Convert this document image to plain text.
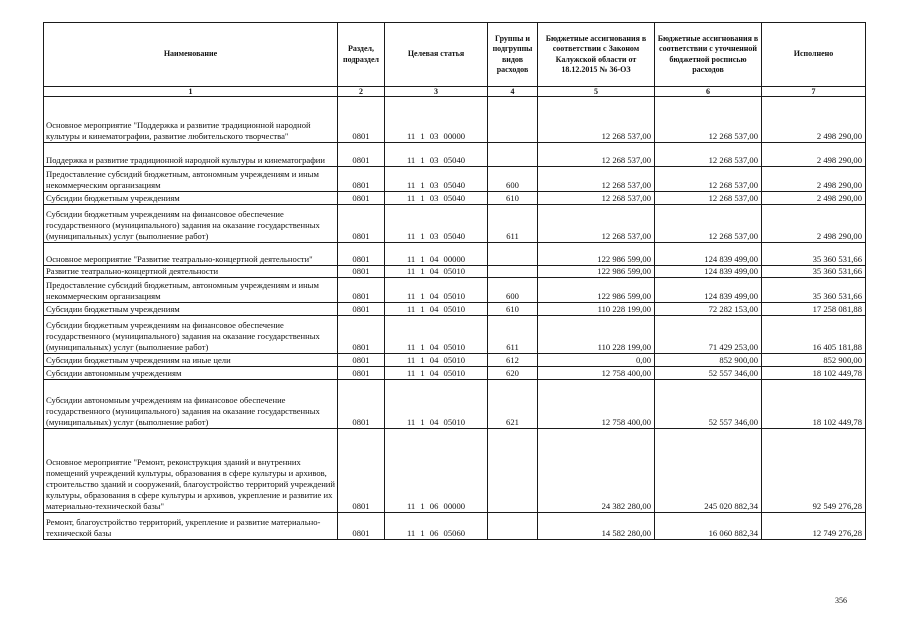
Наименование	Раздел, подраздел	Целевая статья	Группы и подгруппы видов расходов	Бюджетные ассигнования в соответствии с Законом Калужской области от 18.12.2015 № 36-ОЗ	Бюджетные ассигнования в соответствии с уточненной бюджетной росписью расходов	Исполнено
1	2	3	4	5	6	7
Основное мероприятие "Поддержка и развитие традиционной народной культуры и кинематографии, развитие любительского творчества"	0801	11 1 03 00000		12 268 537,00	12 268 537,00	2 498 290,00
Поддержка и развитие традиционной народной культуры и кинематографии	0801	11 1 03 05040		12 268 537,00	12 268 537,00	2 498 290,00
Предоставление субсидий бюджетным, автономным учреждениям и иным некоммерческим организациям	0801	11 1 03 05040	600	12 268 537,00	12 268 537,00	2 498 290,00
Субсидии бюджетным учреждениям	0801	11 1 03 05040	610	12 268 537,00	12 268 537,00	2 498 290,00
Субсидии бюджетным учреждениям на финансовое обеспечение государственного (муниципального) задания на оказание государственных (муниципальных) услуг (выполнение работ)	0801	11 1 03 05040	611	12 268 537,00	12 268 537,00	2 498 290,00
Основное мероприятие "Развитие театрально-концертной деятельности"	0801	11 1 04 00000		122 986 599,00	124 839 499,00	35 360 531,66
Развитие театрально-концертной деятельности	0801	11 1 04 05010		122 986 599,00	124 839 499,00	35 360 531,66
Предоставление субсидий бюджетным, автономным учреждениям и иным некоммерческим организациям	0801	11 1 04 05010	600	122 986 599,00	124 839 499,00	35 360 531,66
Субсидии бюджетным учреждениям	0801	11 1 04 05010	610	110 228 199,00	72 282 153,00	17 258 081,88
Субсидии бюджетным учреждениям на финансовое обеспечение государственного (муниципального) задания на оказание государственных (муниципальных) услуг (выполнение работ)	0801	11 1 04 05010	611	110 228 199,00	71 429 253,00	16 405 181,88
Субсидии бюджетным учреждениям на иные цели	0801	11 1 04 05010	612	0,00	852 900,00	852 900,00
Субсидии автономным учреждениям	0801	11 1 04 05010	620	12 758 400,00	52 557 346,00	18 102 449,78
Субсидии автономным учреждениям на финансовое обеспечение государственного (муниципального) задания на оказание государственных (муниципальных) услуг (выполнение работ)	0801	11 1 04 05010	621	12 758 400,00	52 557 346,00	18 102 449,78
Основное мероприятие "Ремонт, реконструкция зданий и внутренних помещений учреждений культуры, образования в сфере культуры и архивов, строительство зданий и сооружений, благоустройство территорий учреждений культуры, образования в сфере культуры и архивов, укрепление и развитие их материально-технической базы"	0801	11 1 06 00000		24 382 280,00	245 020 882,34	92 549 276,28
Ремонт, благоустройство территорий, укрепление и развитие материально-технической базы	0801	11 1 06 05060		14 582 280,00	16 060 882,34	12 749 276,28
356
